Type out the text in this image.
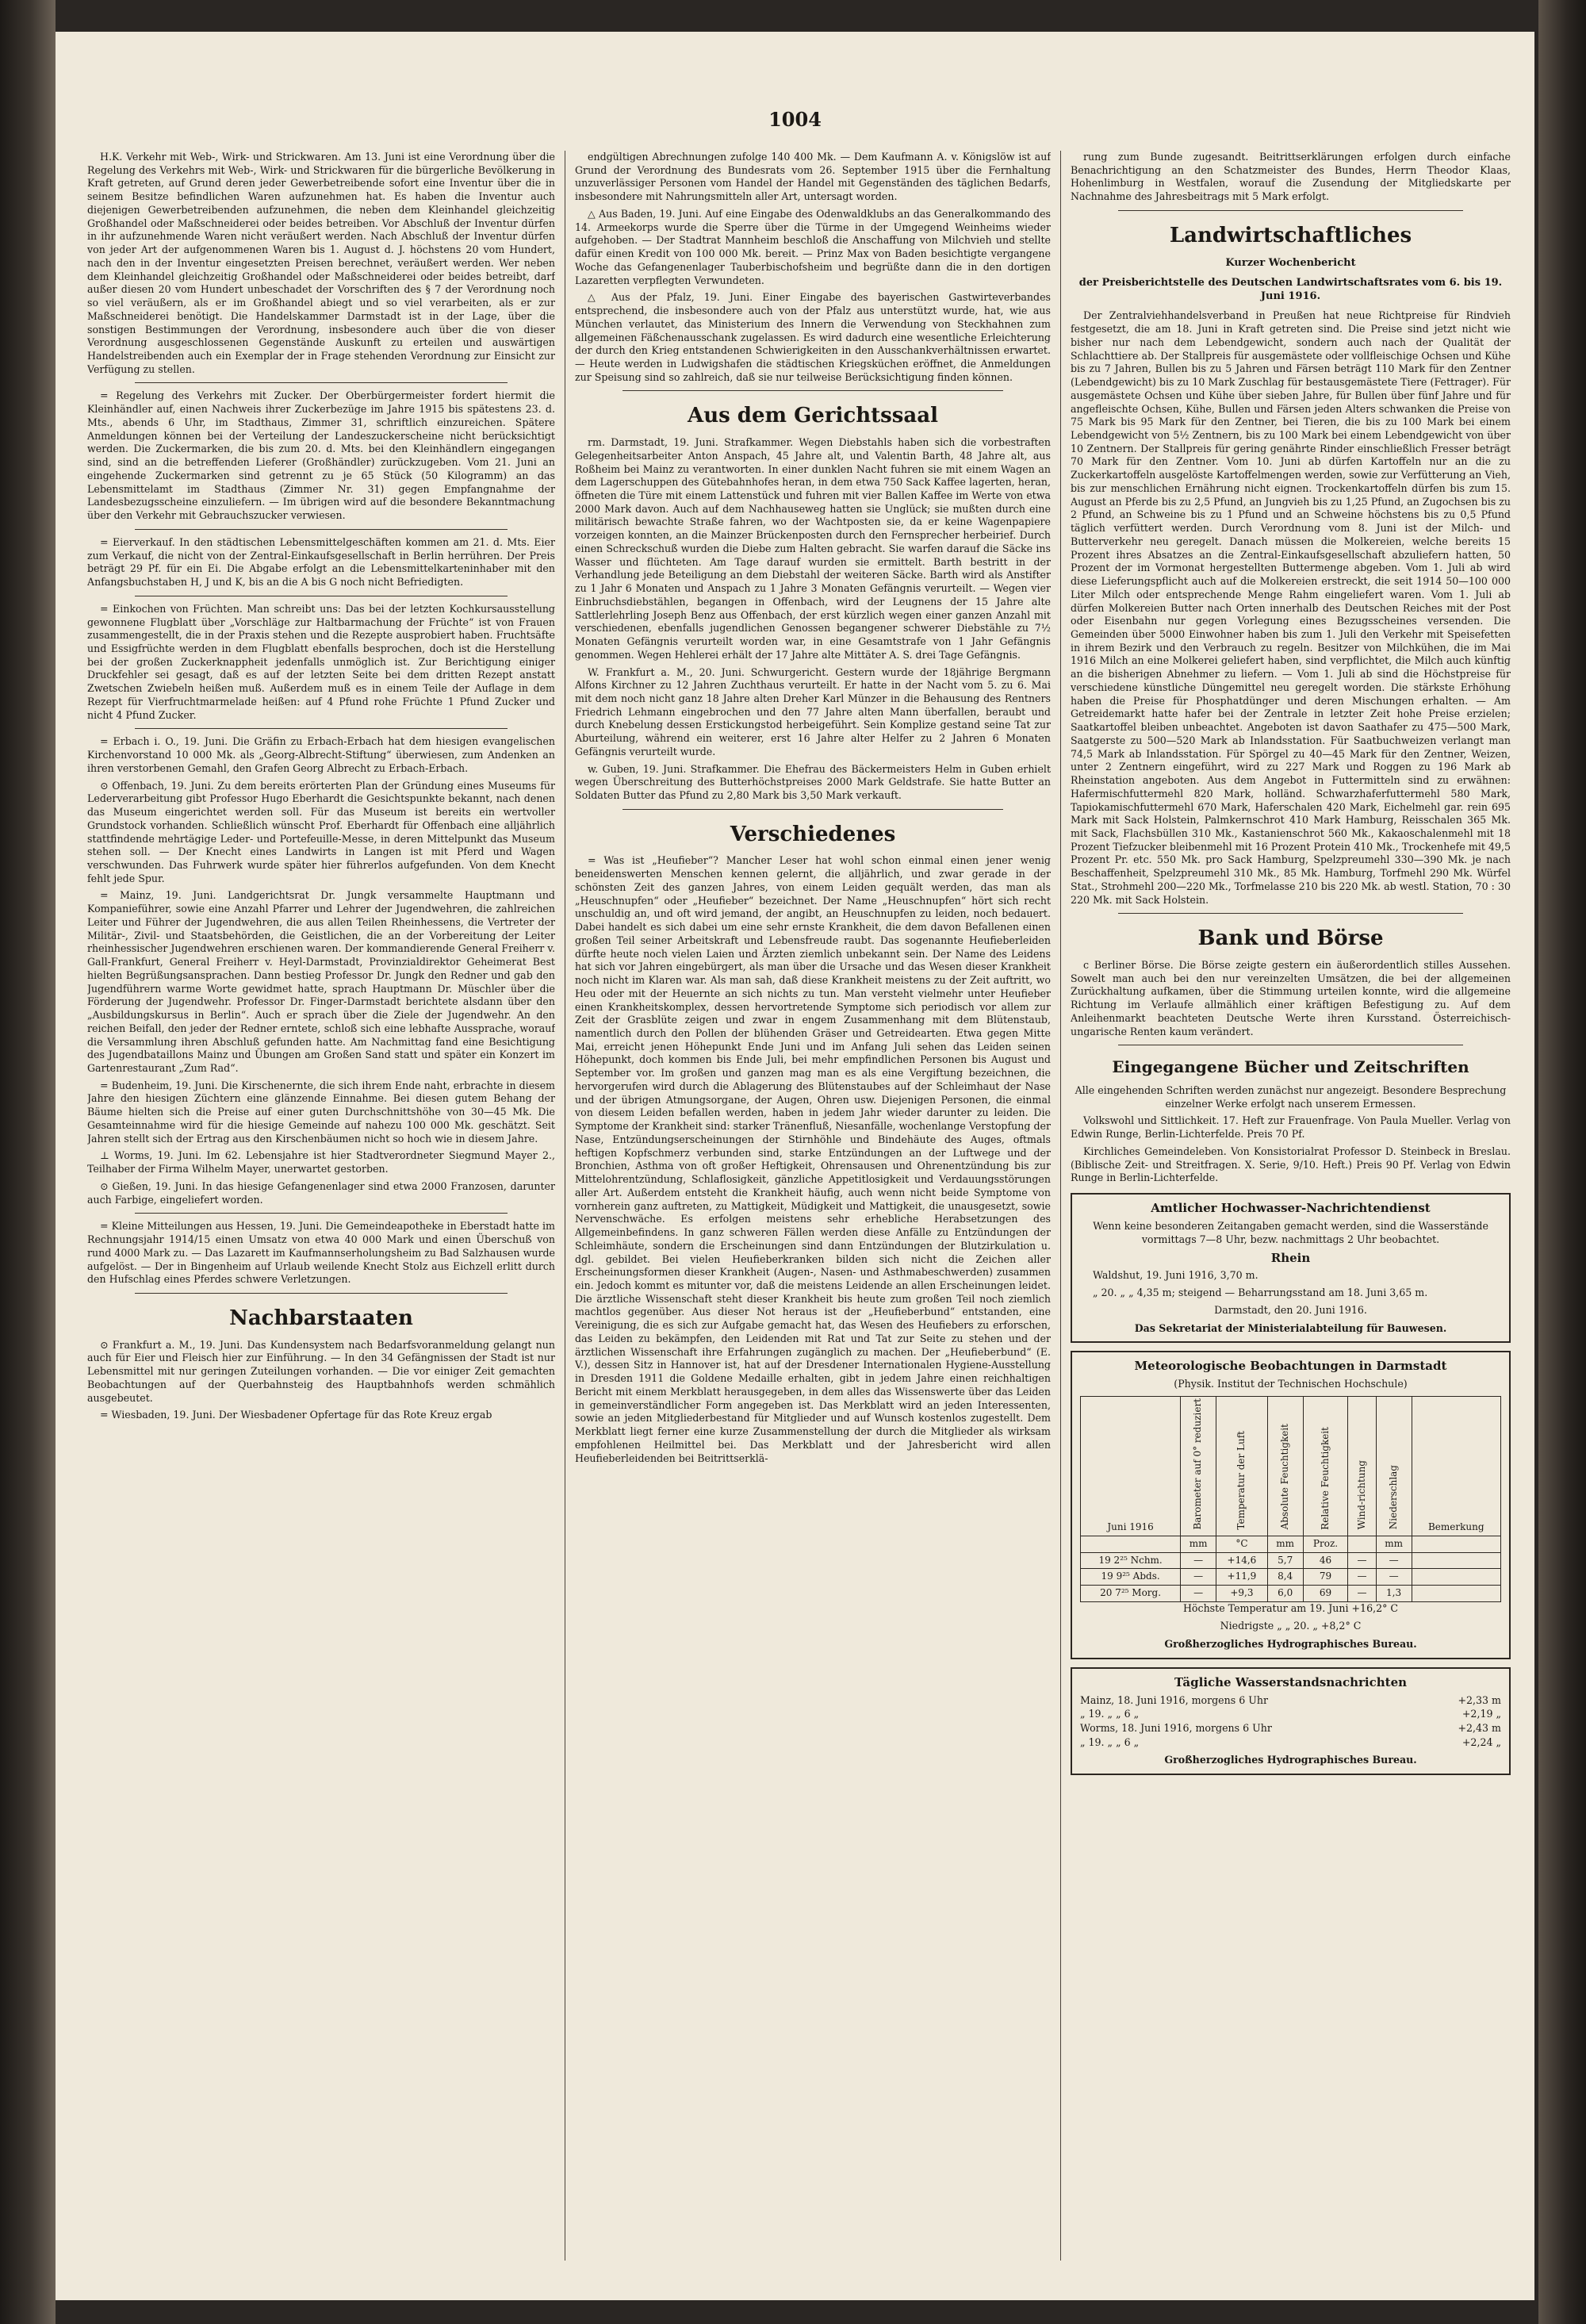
1004

H.K. Verkehr mit Web-, Wirk- und Strickwaren. Am 13. Juni ist eine Verordnung über die Regelung des Verkehrs mit Web-, Wirk- und Strickwaren für die bürgerliche Bevölkerung in Kraft getreten, auf Grund deren jeder Gewerbetreibende sofort eine Inventur über die in seinem Besitze befindlichen Waren aufzunehmen hat. Es haben die Inventur auch diejenigen Gewerbetreibenden aufzunehmen, die neben dem Kleinhandel gleichzeitig Großhandel oder Maßschneiderei oder beides betreiben. Vor Abschluß der Inventur dürfen in ihr aufzunehmende Waren nicht veräußert werden. Nach Abschluß der Inventur dürfen von jeder Art der aufgenommenen Waren bis 1. August d. J. höchstens 20 vom Hundert, nach den in der Inventur eingesetzten Preisen berechnet, veräußert werden. Wer neben dem Kleinhandel gleichzeitig Großhandel oder Maßschneiderei oder beides betreibt, darf außer diesen 20 vom Hundert unbeschadet der Vorschriften des § 7 der Verordnung noch so viel veräußern, als er im Großhandel abiegt und so viel verarbeiten, als er zur Maßschneiderei benötigt. Die Handelskammer Darmstadt ist in der Lage, über die sonstigen Bestimmungen der Verordnung, insbesondere auch über die von dieser Verordnung ausgeschlossenen Gegenstände Auskunft zu erteilen und auswärtigen Handelstreibenden auch ein Exemplar der in Frage stehenden Verordnung zur Einsicht zur Verfügung zu stellen.

= Regelung des Verkehrs mit Zucker. Der Oberbürgermeister fordert hiermit die Kleinhändler auf, einen Nachweis ihrer Zuckerbezüge im Jahre 1915 bis spätestens 23. d. Mts., abends 6 Uhr, im Stadthaus, Zimmer 31, schriftlich einzureichen. Spätere Anmeldungen können bei der Verteilung der Landeszuckerscheine nicht berücksichtigt werden. Die Zuckermarken, die bis zum 20. d. Mts. bei den Kleinhändlern eingegangen sind, sind an die betreffenden Lieferer (Großhändler) zurückzugeben. Vom 21. Juni an eingehende Zuckermarken sind getrennt zu je 65 Stück (50 Kilogramm) an das Lebensmittelamt im Stadthaus (Zimmer Nr. 31) gegen Empfangnahme der Landesbezugsscheine einzuliefern. — Im übrigen wird auf die besondere Bekanntmachung über den Verkehr mit Gebrauchszucker verwiesen.

= Eierverkauf. In den städtischen Lebensmittelgeschäften kommen am 21. d. Mts. Eier zum Verkauf, die nicht von der Zentral-Einkaufsgesellschaft in Berlin herrühren. Der Preis beträgt 29 Pf. für ein Ei. Die Abgabe erfolgt an die Lebensmittelkarteninhaber mit den Anfangsbuchstaben H, J und K, bis an die A bis G noch nicht Befriedigten.

= Einkochen von Früchten. Man schreibt uns: Das bei der letzten Kochkursausstellung gewonnene Flugblatt über „Vorschläge zur Haltbarmachung der Früchte“ ist von Frauen zusammengestellt, die in der Praxis stehen und die Rezepte ausprobiert haben. Fruchtsäfte und Essigfrüchte werden in dem Flugblatt ebenfalls besprochen, doch ist die Herstellung bei der großen Zuckerknappheit jedenfalls unmöglich ist. Zur Berichtigung einiger Druckfehler sei gesagt, daß es auf der letzten Seite bei dem dritten Rezept anstatt Zwetschen Zwiebeln heißen muß. Außerdem muß es in einem Teile der Auflage in dem Rezept für Vierfruchtmarmelade heißen: auf 4 Pfund rohe Früchte 1 Pfund Zucker und nicht 4 Pfund Zucker.

= Erbach i. O., 19. Juni. Die Gräfin zu Erbach-Erbach hat dem hiesigen evangelischen Kirchenvorstand 10 000 Mk. als „Georg-Albrecht-Stiftung“ überwiesen, zum Andenken an ihren verstorbenen Gemahl, den Grafen Georg Albrecht zu Erbach-Erbach.

⊙ Offenbach, 19. Juni. Zu dem bereits erörterten Plan der Gründung eines Museums für Lederverarbeitung gibt Professor Hugo Eberhardt die Gesichtspunkte bekannt, nach denen das Museum eingerichtet werden soll. Für das Museum ist bereits ein wertvoller Grundstock vorhanden. Schließlich wünscht Prof. Eberhardt für Offenbach eine alljährlich stattfindende mehrtägige Leder- und Portefeuille-Messe, in deren Mittelpunkt das Museum stehen soll. — Der Knecht eines Landwirts in Langen ist mit Pferd und Wagen verschwunden. Das Fuhrwerk wurde später hier führerlos aufgefunden. Von dem Knecht fehlt jede Spur.

= Mainz, 19. Juni. Landgerichtsrat Dr. Jungk versammelte Hauptmann und Kompanieführer, sowie eine Anzahl Pfarrer und Lehrer der Jugendwehren, die zahlreichen Leiter und Führer der Jugendwehren, die aus allen Teilen Rheinhessens, die Vertreter der Militär-, Zivil- und Staatsbehörden, die Geistlichen, die an der Vorbereitung der Leiter rheinhessischer Jugendwehren erschienen waren. Der kommandierende General Freiherr v. Gall-Frankfurt, General Freiherr v. Heyl-Darmstadt, Provinzialdirektor Geheimerat Best hielten Begrüßungsansprachen. Dann bestieg Professor Dr. Jungk den Redner und gab den Jugendführern warme Worte gewidmet hatte, sprach Hauptmann Dr. Müschler über die Förderung der Jugendwehr. Professor Dr. Finger-Darmstadt berichtete alsdann über den „Ausbildungskursus in Berlin“. Auch er sprach über die Ziele der Jugendwehr. An den reichen Beifall, den jeder der Redner erntete, schloß sich eine lebhafte Aussprache, worauf die Versammlung ihren Abschluß gefunden hatte. Am Nachmittag fand eine Besichtigung des Jugendbataillons Mainz und Übungen am Großen Sand statt und später ein Konzert im Gartenrestaurant „Zum Rad“.

= Budenheim, 19. Juni. Die Kirschenernte, die sich ihrem Ende naht, erbrachte in diesem Jahre den hiesigen Züchtern eine glänzende Einnahme. Bei diesen gutem Behang der Bäume hielten sich die Preise auf einer guten Durchschnittshöhe von 30—45 Mk. Die Gesamteinnahme wird für die hiesige Gemeinde auf nahezu 100 000 Mk. geschätzt. Seit Jahren stellt sich der Ertrag aus den Kirschenbäumen nicht so hoch wie in diesem Jahre.

⊥ Worms, 19. Juni. Im 62. Lebensjahre ist hier Stadtverordneter Siegmund Mayer 2., Teilhaber der Firma Wilhelm Mayer, unerwartet gestorben.

⊙ Gießen, 19. Juni. In das hiesige Gefangenenlager sind etwa 2000 Franzosen, darunter auch Farbige, eingeliefert worden.

= Kleine Mitteilungen aus Hessen, 19. Juni. Die Gemeindeapotheke in Eberstadt hatte im Rechnungsjahr 1914/15 einen Umsatz von etwa 40 000 Mark und einen Überschuß von rund 4000 Mark zu. — Das Lazarett im Kaufmannserholungsheim zu Bad Salzhausen wurde aufgelöst. — Der in Bingenheim auf Urlaub weilende Knecht Stolz aus Eichzell erlitt durch den Hufschlag eines Pferdes schwere Verletzungen.

Nachbarstaaten

⊙ Frankfurt a. M., 19. Juni. Das Kundensystem nach Bedarfsvoranmeldung gelangt nun auch für Eier und Fleisch hier zur Einführung. — In den 34 Gefängnissen der Stadt ist nur Lebensmittel mit nur geringen Zuteilungen vorhanden. — Die vor einiger Zeit gemachten Beobachtungen auf der Querbahnsteig des Hauptbahnhofs werden schmählich ausgebeutet.

= Wiesbaden, 19. Juni. Der Wiesbadener Opfertage für das Rote Kreuz ergab

endgültigen Abrechnungen zufolge 140 400 Mk. — Dem Kaufmann A. v. Königslöw ist auf Grund der Verordnung des Bundesrats vom 26. September 1915 über die Fernhaltung unzuverlässiger Personen vom Handel der Handel mit Gegenständen des täglichen Bedarfs, insbesondere mit Nahrungsmitteln aller Art, untersagt worden.

△ Aus Baden, 19. Juni. Auf eine Eingabe des Odenwaldklubs an das Generalkommando des 14. Armeekorps wurde die Sperre über die Türme in der Umgegend Weinheims wieder aufgehoben. — Der Stadtrat Mannheim beschloß die Anschaffung von Milchvieh und stellte dafür einen Kredit von 100 000 Mk. bereit. — Prinz Max von Baden besichtigte vergangene Woche das Gefangenenlager Tauberbischofsheim und begrüßte dann die in den dortigen Lazaretten verpflegten Verwundeten.

△ Aus der Pfalz, 19. Juni. Einer Eingabe des bayerischen Gastwirteverbandes entsprechend, die insbesondere auch von der Pfalz aus unterstützt wurde, hat, wie aus München verlautet, das Ministerium des Innern die Verwendung von Steckhahnen zum allgemeinen Fäßchenausschank zugelassen. Es wird dadurch eine wesentliche Erleichterung der durch den Krieg entstandenen Schwierigkeiten in den Ausschankverhältnissen erwartet. — Heute werden in Ludwigshafen die städtischen Kriegsküchen eröffnet, die Anmeldungen zur Speisung sind so zahlreich, daß sie nur teilweise Berücksichtigung finden können.

Aus dem Gerichtssaal

rm. Darmstadt, 19. Juni. Strafkammer. Wegen Diebstahls haben sich die vorbestraften Gelegenheitsarbeiter Anton Anspach, 45 Jahre alt, und Valentin Barth, 48 Jahre alt, aus Roßheim bei Mainz zu verantworten. In einer dunklen Nacht fuhren sie mit einem Wagen an dem Lagerschuppen des Gütebahnhofes heran, in dem etwa 750 Sack Kaffee lagerten, heran, öffneten die Türe mit einem Lattenstück und fuhren mit vier Ballen Kaffee im Werte von etwa 2000 Mark davon. Auch auf dem Nachhauseweg hatten sie Unglück; sie mußten durch eine militärisch bewachte Straße fahren, wo der Wachtposten sie, da er keine Wagenpapiere vorzeigen konnten, an die Mainzer Brückenposten durch den Fernsprecher herbeirief. Durch einen Schreckschuß wurden die Diebe zum Halten gebracht. Sie warfen darauf die Säcke ins Wasser und flüchteten. Am Tage darauf wurden sie ermittelt. Barth bestritt in der Verhandlung jede Beteiligung an dem Diebstahl der weiteren Säcke. Barth wird als Anstifter zu 1 Jahr 6 Monaten und Anspach zu 1 Jahre 3 Monaten Gefängnis verurteilt. — Wegen vier Einbruchsdiebstählen, begangen in Offenbach, wird der Leugnens der 15 Jahre alte Sattlerlehrling Joseph Benz aus Offenbach, der erst kürzlich wegen einer ganzen Anzahl mit verschiedenen, ebenfalls jugendlichen Genossen begangener schwerer Diebstähle zu 7½ Monaten Gefängnis verurteilt worden war, in eine Gesamtstrafe von 1 Jahr Gefängnis genommen. Wegen Hehlerei erhält der 17 Jahre alte Mittäter A. S. drei Tage Gefängnis.

W. Frankfurt a. M., 20. Juni. Schwurgericht. Gestern wurde der 18jährige Bergmann Alfons Kirchner zu 12 Jahren Zuchthaus verurteilt. Er hatte in der Nacht vom 5. zu 6. Mai mit dem noch nicht ganz 18 Jahre alten Dreher Karl Münzer in die Behausung des Rentners Friedrich Lehmann eingebrochen und den 77 Jahre alten Mann überfallen, beraubt und durch Knebelung dessen Erstickungstod herbeigeführt. Sein Komplize gestand seine Tat zur Aburteilung, während ein weiterer, erst 16 Jahre alter Helfer zu 2 Jahren 6 Monaten Gefängnis verurteilt wurde.

w. Guben, 19. Juni. Strafkammer. Die Ehefrau des Bäckermeisters Helm in Guben erhielt wegen Überschreitung des Butterhöchstpreises 2000 Mark Geldstrafe. Sie hatte Butter an Soldaten Butter das Pfund zu 2,80 Mark bis 3,50 Mark verkauft.

Verschiedenes

= Was ist „Heufieber“? Mancher Leser hat wohl schon einmal einen jener wenig beneidenswerten Menschen kennen gelernt, die alljährlich, und zwar gerade in der schönsten Zeit des ganzen Jahres, von einem Leiden gequält werden, das man als „Heuschnupfen“ oder „Heufieber“ bezeichnet. Der Name „Heuschnupfen“ hört sich recht unschuldig an, und oft wird jemand, der angibt, an Heuschnupfen zu leiden, noch bedauert. Dabei handelt es sich dabei um eine sehr ernste Krankheit, die dem davon Befallenen einen großen Teil seiner Arbeitskraft und Lebensfreude raubt. Das sogenannte Heufieberleiden dürfte heute noch vielen Laien und Ärzten ziemlich unbekannt sein. Der Name des Leidens hat sich vor Jahren eingebürgert, als man über die Ursache und das Wesen dieser Krankheit noch nicht im Klaren war. Als man sah, daß diese Krankheit meistens zu der Zeit auftritt, wo Heu oder mit der Heuernte an sich nichts zu tun. Man versteht vielmehr unter Heufieber einen Krankheitskomplex, dessen hervortretende Symptome sich periodisch vor allem zur Zeit der Grasblüte zeigen und zwar in engem Zusammenhang mit dem Blütenstaub, namentlich durch den Pollen der blühenden Gräser und Getreidearten. Etwa gegen Mitte Mai, erreicht jenen Höhepunkt Ende Juni und im Anfang Juli sehen das Leiden seinen Höhepunkt, doch kommen bis Ende Juli, bei mehr empfindlichen Personen bis August und September vor. Im großen und ganzen mag man es als eine Vergiftung bezeichnen, die hervorgerufen wird durch die Ablagerung des Blütenstaubes auf der Schleimhaut der Nase und der übrigen Atmungsorgane, der Augen, Ohren usw. Diejenigen Personen, die einmal von diesem Leiden befallen werden, haben in jedem Jahr wieder darunter zu leiden. Die Symptome der Krankheit sind: starker Tränenfluß, Niesanfälle, wochenlange Verstopfung der Nase, Entzündungserscheinungen der Stirnhöhle und Bindehäute des Auges, oftmals heftigen Kopfschmerz verbunden sind, starke Entzündungen an der Luftwege und der Bronchien, Asthma von oft großer Heftigkeit, Ohrensausen und Ohrenentzündung bis zur Mittelohrentzündung, Schlaflosigkeit, gänzliche Appetitlosigkeit und Verdauungsstörungen aller Art. Außerdem entsteht die Krankheit häufig, auch wenn nicht beide Symptome von vornherein ganz auftreten, zu Mattigkeit, Müdigkeit und Mattigkeit, die unausgesetzt, sowie Nervenschwäche. Es erfolgen meistens sehr erhebliche Herabsetzungen des Allgemeinbefindens. In ganz schweren Fällen werden diese Anfälle zu Entzündungen der Schleimhäute, sondern die Erscheinungen sind dann Entzündungen der Blutzirkulation u. dgl. gebildet. Bei vielen Heufieberkranken bilden sich nicht die Zeichen aller Erscheinungsformen dieser Krankheit (Augen-, Nasen- und Asthmabeschwerden) zusammen ein. Jedoch kommt es mitunter vor, daß die meistens Leidende an allen Erscheinungen leidet. Die ärztliche Wissenschaft steht dieser Krankheit bis heute zum großen Teil noch ziemlich machtlos gegenüber. Aus dieser Not heraus ist der „Heufieberbund“ entstanden, eine Vereinigung, die es sich zur Aufgabe gemacht hat, das Wesen des Heufiebers zu erforschen, das Leiden zu bekämpfen, den Leidenden mit Rat und Tat zur Seite zu stehen und der ärztlichen Wissenschaft ihre Erfahrungen zugänglich zu machen. Der „Heufieberbund“ (E. V.), dessen Sitz in Hannover ist, hat auf der Dresdener Internationalen Hygiene-Ausstellung in Dresden 1911 die Goldene Medaille erhalten, gibt in jedem Jahre einen reichhaltigen Bericht mit einem Merkblatt herausgegeben, in dem alles das Wissenswerte über das Leiden in gemeinverständlicher Form angegeben ist. Das Merkblatt wird an jeden Interessenten, sowie an jeden Mitgliederbestand für Mitglieder und auf Wunsch kostenlos zugestellt. Dem Merkblatt liegt ferner eine kurze Zusammenstellung der durch die Mitglieder als wirksam empfohlenen Heilmittel bei. Das Merkblatt und der Jahresbericht wird allen Heufieberleidenden bei Beitrittserklä-

rung zum Bunde zugesandt. Beitrittserklärungen erfolgen durch einfache Benachrichtigung an den Schatzmeister des Bundes, Herrn Theodor Klaas, Hohenlimburg in Westfalen, worauf die Zusendung der Mitgliedskarte per Nachnahme des Jahresbeitrags mit 5 Mark erfolgt.

Landwirtschaftliches
Kurzer Wochenbericht
der Preisberichtstelle des Deutschen Landwirtschaftsrates vom 6. bis 19. Juni 1916.

Der Zentralviehhandelsverband in Preußen hat neue Richtpreise für Rindvieh festgesetzt, die am 18. Juni in Kraft getreten sind. Die Preise sind jetzt nicht wie bisher nur nach dem Lebendgewicht, sondern auch nach der Qualität der Schlachttiere ab. Der Stallpreis für ausgemästete oder vollfleischige Ochsen und Kühe bis zu 7 Jahren, Bullen bis zu 5 Jahren und Färsen beträgt 110 Mark für den Zentner (Lebendgewicht) bis zu 10 Mark Zuschlag für bestausgemästete Tiere (Fettrager). Für ausgemästete Ochsen und Kühe über sieben Jahre, für Bullen über fünf Jahre und für angefleischte Ochsen, Kühe, Bullen und Färsen jeden Alters schwanken die Preise von 75 Mark bis 95 Mark für den Zentner, bei Tieren, die bis zu 100 Mark bei einem Lebendgewicht von 5½ Zentnern, bis zu 100 Mark bei einem Lebendgewicht von über 10 Zentnern. Der Stallpreis für gering genährte Rinder einschließlich Fresser beträgt 70 Mark für den Zentner. Vom 10. Juni ab dürfen Kartoffeln nur an die zu Zuckerkartoffeln ausgelöste Kartoffelmengen werden, sowie zur Verfütterung an Vieh, bis zur menschlichen Ernährung nicht eignen. Trockenkartoffeln dürfen bis zum 15. August an Pferde bis zu 2,5 Pfund, an Jungvieh bis zu 1,25 Pfund, an Zugochsen bis zu 2 Pfund, an Schweine bis zu 1 Pfund und an Schweine höchstens bis zu 0,5 Pfund täglich verfüttert werden. Durch Verordnung vom 8. Juni ist der Milch- und Butterverkehr neu geregelt. Danach müssen die Molkereien, welche bereits 15 Prozent ihres Absatzes an die Zentral-Einkaufsgesellschaft abzuliefern hatten, 50 Prozent der im Vormonat hergestellten Buttermenge abgeben. Vom 1. Juli ab wird diese Lieferungspflicht auch auf die Molkereien erstreckt, die seit 1914 50—100 000 Liter Milch oder entsprechende Menge Rahm eingeliefert waren. Vom 1. Juli ab dürfen Molkereien Butter nach Orten innerhalb des Deutschen Reiches mit der Post oder Eisenbahn nur gegen Vorlegung eines Bezugsscheines versenden. Die Gemeinden über 5000 Einwohner haben bis zum 1. Juli den Verkehr mit Speisefetten in ihrem Bezirk und den Verbrauch zu regeln. Besitzer von Milchkühen, die im Mai 1916 Milch an eine Molkerei geliefert haben, sind verpflichtet, die Milch auch künftig an die bisherigen Abnehmer zu liefern. — Vom 1. Juli ab sind die Höchstpreise für verschiedene künstliche Düngemittel neu geregelt worden. Die stärkste Erhöhung haben die Preise für Phosphatdünger und deren Mischungen erhalten. — Am Getreidemarkt hatte hafer bei der Zentrale in letzter Zeit hohe Preise erzielen; Saatkartoffel bleiben unbeachtet. Angeboten ist davon Saathafer zu 475—500 Mark, Saatgerste zu 500—520 Mark ab Inlandsstation. Für Saatbuchweizen verlangt man 74,5 Mark ab Inlandsstation. Für Spörgel zu 40—45 Mark für den Zentner, Weizen, unter 2 Zentnern eingeführt, wird zu 227 Mark und Roggen zu 196 Mark ab Rheinstation angeboten. Aus dem Angebot in Futtermitteln sind zu erwähnen: Hafermischfuttermehl 820 Mark, holländ. Schwarzhaferfuttermehl 580 Mark, Tapiokamischfuttermehl 670 Mark, Haferschalen 420 Mark, Eichelmehl gar. rein 695 Mark mit Sack Holstein, Palmkernschrot 410 Mark Hamburg, Reisschalen 365 Mk. mit Sack, Flachsbüllen 310 Mk., Kastanienschrot 560 Mk., Kakaoschalenmehl mit 18 Prozent Tiefzucker bleibenmehl mit 16 Prozent Protein 410 Mk., Trockenhefe mit 49,5 Prozent Pr. etc. 550 Mk. pro Sack Hamburg, Spelzpreumehl 330—390 Mk. je nach Beschaffenheit, Spelzpreumehl 310 Mk., 85 Mk. Hamburg, Torfmehl 290 Mk. Würfel Stat., Strohmehl 200—220 Mk., Torfmelasse 210 bis 220 Mk. ab westl. Station, 70 : 30 220 Mk. mit Sack Holstein.

Bank und Börse

c Berliner Börse. Die Börse zeigte gestern ein äußerordentlich stilles Aussehen. Sowelt man auch bei den nur vereinzelten Umsätzen, die bei der allgemeinen Zurückhaltung aufkamen, über die Stimmung urteilen konnte, wird die allgemeine Richtung im Verlaufe allmählich einer kräftigen Befestigung zu. Auf dem Anleihenmarkt beachteten Deutsche Werte ihren Kursstand. Österreichisch-ungarische Renten kaum verändert.

Eingegangene Bücher und Zeitschriften

Alle eingehenden Schriften werden zunächst nur angezeigt. Besondere Besprechung einzelner Werke erfolgt nach unserem Ermessen.

Volkswohl und Sittlichkeit. 17. Heft zur Frauenfrage. Von Paula Mueller. Verlag von Edwin Runge, Berlin-Lichterfelde. Preis 70 Pf.

Kirchliches Gemeindeleben. Von Konsistorialrat Professor D. Steinbeck in Breslau. (Biblische Zeit- und Streitfragen. X. Serie, 9/10. Heft.) Preis 90 Pf. Verlag von Edwin Runge in Berlin-Lichterfelde.

Amtlicher Hochwasser-Nachrichtendienst

Wenn keine besonderen Zeitangaben gemacht werden, sind die Wasserstände vormittags 7—8 Uhr, bezw. nachmittags 2 Uhr beobachtet.

Rhein

Waldshut, 19. Juni 1916, 3,70 m.

„ 20. „ „ 4,35 m; steigend — Beharrungsstand am 18. Juni 3,65 m.

Darmstadt, den 20. Juni 1916.

Das Sekretariat der Ministerialabteilung für Bauwesen.
Meteorologische Beobachtungen in Darmstadt
(Physik. Institut der Technischen Hochschule)
Juni 1916	Barometer auf 0° reduziert	Temperatur der Luft	Absolute Feuchtigkeit	Relative Feuchtigkeit	Wind-richtung	Niederschlag	Bemerkung
	mm	°C	mm	Proz.		mm	
19 2²⁵ Nchm.	—	+14,6	5,7	46	—	—	
19 9²⁵ Abds.	—	+11,9	8,4	79	—	—	
20 7²⁵ Morg.	—	+9,3	6,0	69	—	1,3	

Höchste Temperatur am 19. Juni +16,2° C

Niedrigste „ „ 20. „ +8,2° C

Großherzogliches Hydrographisches Bureau.
Tägliche Wasserstandsnachrichten
Mainz, 18. Juni 1916, morgens 6 Uhr	+2,33 m
„ 19. „ „ 6 „	+2,19 „
Worms, 18. Juni 1916, morgens 6 Uhr	+2,43 m
„ 19. „ „ 6 „	+2,24 „
Großherzogliches Hydrographisches Bureau.
